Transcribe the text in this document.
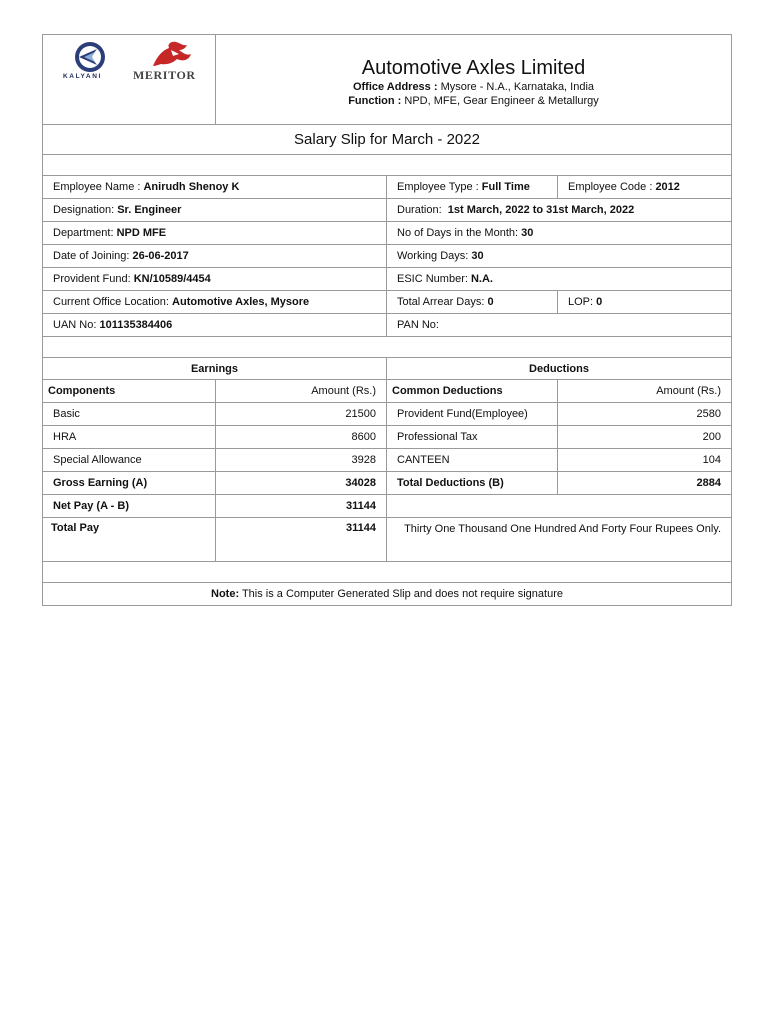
KALYANI MERITOR	Automotive Axles Limited
Office Address : Mysore - N.A., Karnataka, India
Function : NPD, MFE, Gear Engineer & Metallurgy		

Salary Slip for March - 2022			

Employee Name : Anirudh Shenoy K		Employee Type : Full Time	Employee Code : 2012
Designation: Sr. Engineer		Duration:  1st March, 2022 to 31st March, 2022	
Department: NPD MFE		No of Days in the Month: 30	
Date of Joining: 26-06-2017		Working Days: 30	
Provident Fund: KN/10589/4454		ESIC Number: N.A.	
Current Office Location: Automotive Axles, Mysore		Total Arrear Days: 0	LOP: 0
UAN No: 101135384406		PAN No:	

Earnings		Deductions	
Components	Amount (Rs.)	Common Deductions	Amount (Rs.)
Basic	21500	Provident Fund(Employee)	2580
HRA	8600	Professional Tax	200
Special Allowance	3928	CANTEEN	104
Gross Earning (A)	34028	Total Deductions (B)	2884
Net Pay (A - B)	31144		
Total Pay	31144	Thirty One Thousand One Hundred And Forty Four Rupees Only.	

Note: This is a Computer Generated Slip and does not require signature			
